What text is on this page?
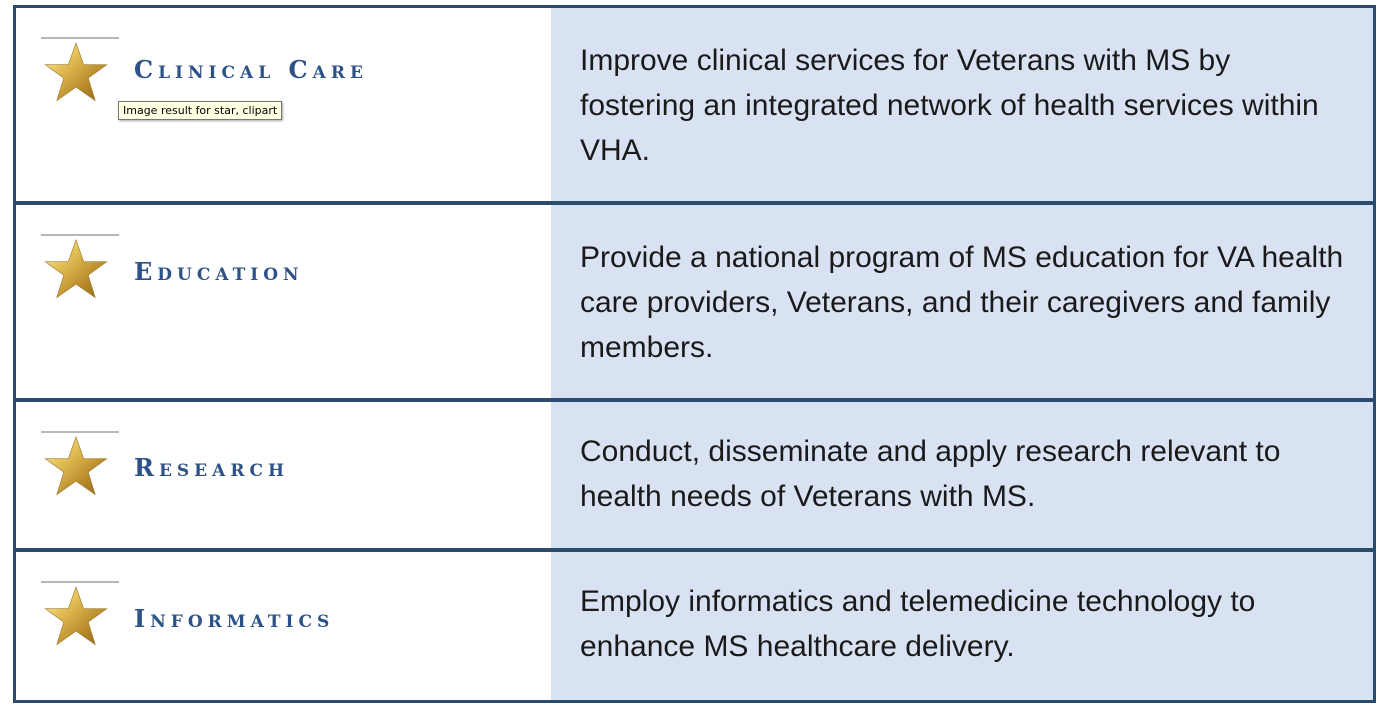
Clinical Care
Image result for star, clipart
Improve clinical services for Veterans with MS by fostering an integrated network of health services within VHA.
Education	Provide a national program of MS education for VA health care providers, Veterans, and their caregivers and family members.
Research	Conduct, disseminate and apply research relevant to health needs of Veterans with MS.
Informatics
Employ informatics and telemedicine technology to enhance MS healthcare delivery.
